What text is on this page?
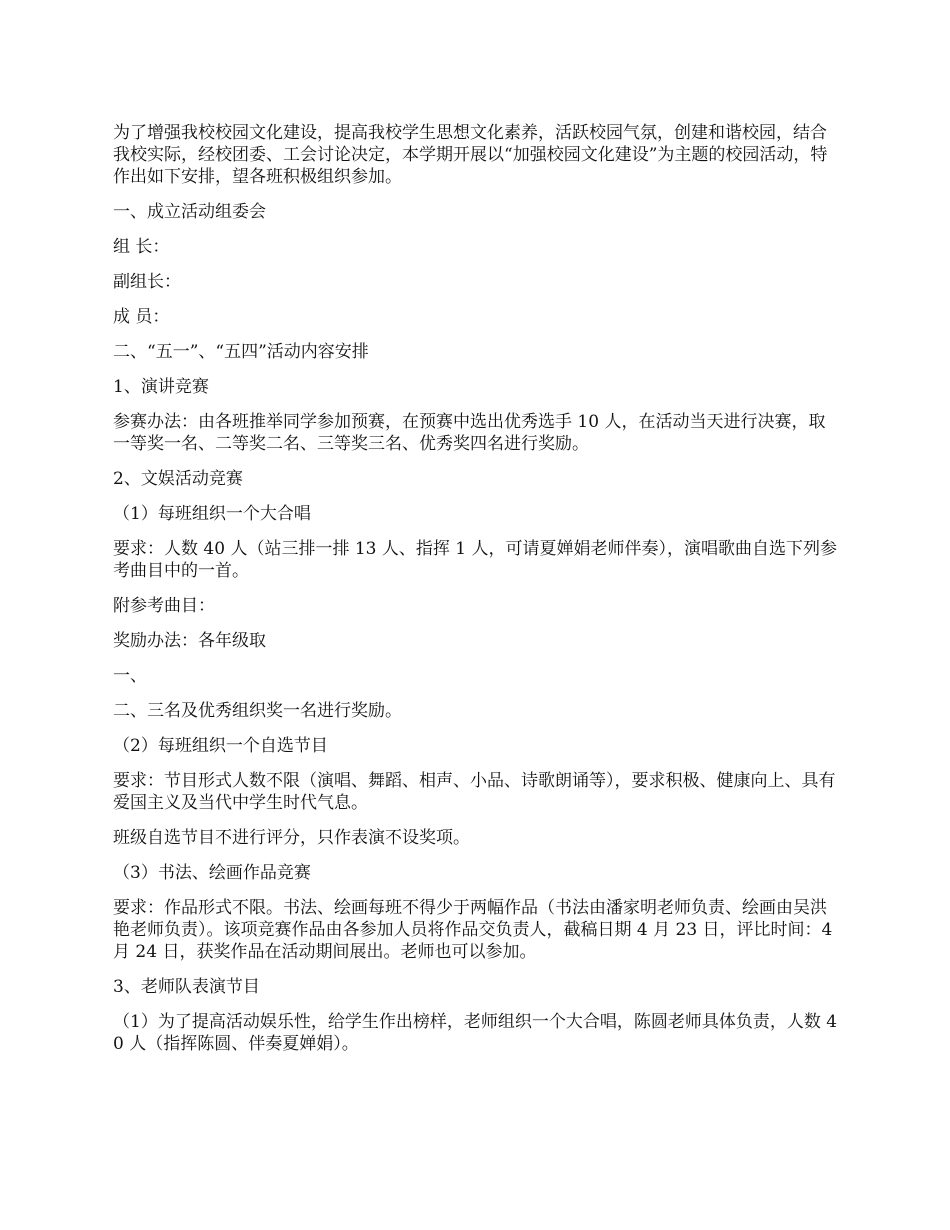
为了增强我校校园文化建设，提高我校学生思想文化素养，活跃校园气氛，创建和谐校园，结合我校实际，经校团委、工会讨论决定，本学期开展以“加强校园文化建设”为主题的校园活动，特作出如下安排，望各班积极组织参加。

一、成立活动组委会

组 长：

副组长：

成 员：

二、“五一”、“五四”活动内容安排

1、演讲竞赛

参赛办法：由各班推举同学参加预赛，在预赛中选出优秀选手 10 人，在活动当天进行决赛，取一等奖一名、二等奖二名、三等奖三名、优秀奖四名进行奖励。

2、文娱活动竞赛

（1）每班组织一个大合唱

要求：人数 40 人（站三排一排 13 人、指挥 1 人，可请夏婵娟老师伴奏），演唱歌曲自选下列参考曲目中的一首。

附参考曲目：

奖励办法：各年级取

一、

二、三名及优秀组织奖一名进行奖励。

（2）每班组织一个自选节目

要求：节目形式人数不限（演唱、舞蹈、相声、小品、诗歌朗诵等），要求积极、健康向上、具有爱国主义及当代中学生时代气息。

班级自选节目不进行评分，只作表演不设奖项。

（3）书法、绘画作品竞赛

要求：作品形式不限。书法、绘画每班不得少于两幅作品（书法由潘家明老师负责、绘画由吴洪艳老师负责）。该项竞赛作品由各参加人员将作品交负责人，截稿日期 4 月 23 日，评比时间：4 月 24 日，获奖作品在活动期间展出。老师也可以参加。

3、老师队表演节目

（1）为了提高活动娱乐性，给学生作出榜样，老师组织一个大合唱，陈圆老师具体负责，人数 40 人（指挥陈圆、伴奏夏婵娟）。
